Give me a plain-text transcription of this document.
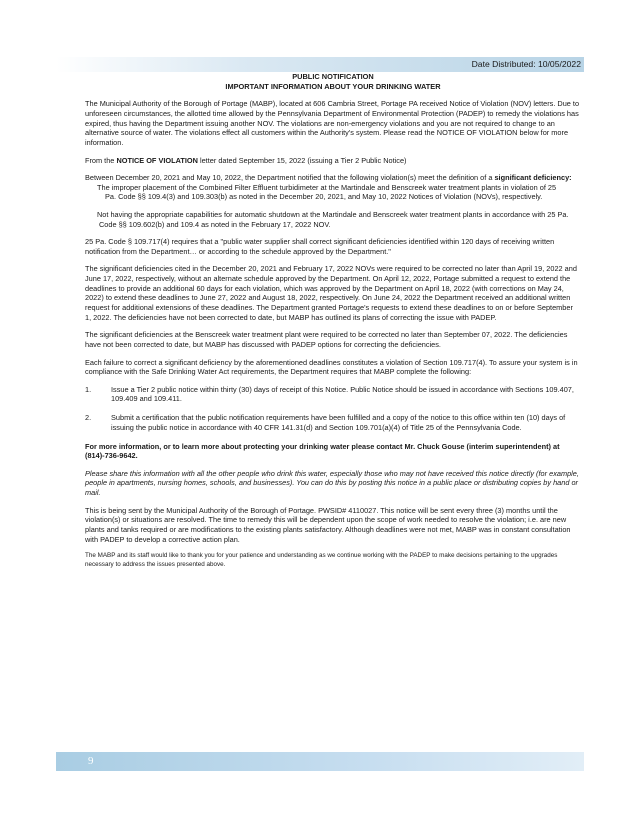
Date Distributed: 10/05/2022
PUBLIC NOTIFICATION
IMPORTANT INFORMATION ABOUT YOUR DRINKING WATER

The Municipal Authority of the Borough of Portage (MABP), located at 606 Cambria Street, Portage PA received Notice of Violation (NOV) letters. Due to unforeseen circumstances, the allotted time allowed by the Pennsylvania Department of Environmental Protection (PADEP) to remedy the violations has expired, thus having the Department issuing another NOV. The violations are non-emergency violations and you are not required to change to an alternative source of water. The violations effect all customers within the Authority's system. Please read the NOTICE OF VIOLATION below for more information.

From the NOTICE OF VIOLATION letter dated September 15, 2022 (issuing a Tier 2 Public Notice)

Between December 20, 2021 and May 10, 2022, the Department notified that the following violation(s) meet the definition of a significant deficiency:

The improper placement of the Combined Filter Effluent turbidimeter at the Martindale and Benscreek water treatment plants in violation of 25 Pa. Code §§ 109.4(3) and 109.303(b) as noted in the December 20, 2021, and May 10, 2022 Notices of Violation (NOVs), respectively.

Not having the appropriate capabilities for automatic shutdown at the Martindale and Benscreek water treatment plants in accordance with 25 Pa. Code §§ 109.602(b) and 109.4 as noted in the February 17, 2022 NOV.

25 Pa. Code § 109.717(4) requires that a "public water supplier shall correct significant deficiencies identified within 120 days of receiving written notification from the Department… or according to the schedule approved by the Department."

The significant deficiencies cited in the December 20, 2021 and February 17, 2022 NOVs were required to be corrected no later than April 19, 2022 and June 17, 2022, respectively, without an alternate schedule approved by the Department. On April 12, 2022, Portage submitted a request to extend the deadlines to provide an additional 60 days for each violation, which was approved by the Department on April 18, 2022 (with corrections on May 24, 2022) to extend these deadlines to June 27, 2022 and August 18, 2022, respectively. On June 24, 2022 the Department received an additional written request for additional extensions of these deadlines. The Department granted Portage's requests to extend these deadlines to on or before September 1, 2022. The deficiencies have not been corrected to date, but MABP has outlined its plans of correcting the issue with PADEP.

The significant deficiencies at the Benscreek water treatment plant were required to be corrected no later than September 07, 2022. The deficiencies have not been corrected to date, but MABP has discussed with PADEP options for correcting the deficiencies.

Each failure to correct a significant deficiency by the aforementioned deadlines constitutes a violation of Section 109.717(4). To assure your system is in compliance with the Safe Drinking Water Act requirements, the Department requires that MABP complete the following:

1.	Issue a Tier 2 public notice within thirty (30) days of receipt of this Notice. Public Notice should be issued in accordance with Sections 109.407, 109.409 and 109.411.
2.	Submit a certification that the public notification requirements have been fulfilled and a copy of the notice to this office within ten (10) days of issuing the public notice in accordance with 40 CFR 141.31(d) and Section 109.701(a)(4) of Title 25 of the Pennsylvania Code.

For more information, or to learn more about protecting your drinking water please contact Mr. Chuck Gouse (interim superintendent) at (814)-736-9642.

Please share this information with all the other people who drink this water, especially those who may not have received this notice directly (for example, people in apartments, nursing homes, schools, and businesses). You can do this by posting this notice in a public place or distributing copies by hand or mail.

This is being sent by the Municipal Authority of the Borough of Portage. PWSID# 4110027. This notice will be sent every three (3) months until the violation(s) or situations are resolved. The time to remedy this will be dependent upon the scope of work needed to resolve the violation; i.e. are new plants and tanks required or are modifications to the existing plants satisfactory. Although deadlines were not met, MABP was in constant consultation with PADEP to develop a corrective action plan.

The MABP and its staff would like to thank you for your patience and understanding as we continue working with the PADEP to make decisions pertaining to the upgrades necessary to address the issues presented above.

9
